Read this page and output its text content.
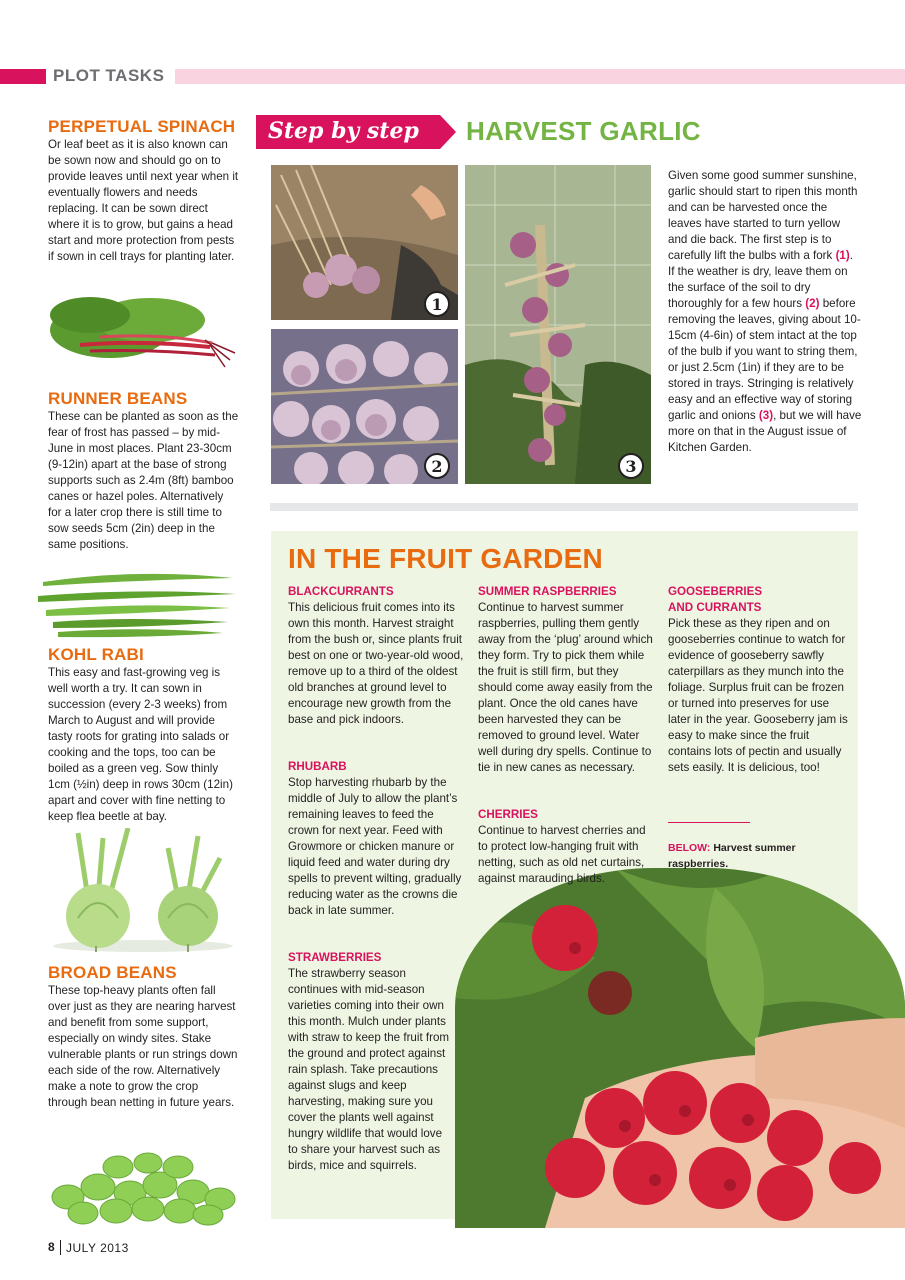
PLOT TASKS
PERPETUAL SPINACH
Or leaf beet as it is also known can be sown now and should go on to provide leaves until next year when it eventually flowers and needs replacing. It can be sown direct where it is to grow, but gains a head start and more protection from pests if sown in cell trays for planting later.
RUNNER BEANS
These can be planted as soon as the fear of frost has passed – by mid-June in most places. Plant 23-30cm (9-12in) apart at the base of strong supports such as 2.4m (8ft) bamboo canes or hazel poles. Alternatively for a later crop there is still time to sow seeds 5cm (2in) deep in the same positions.
KOHL RABI
This easy and fast-growing veg is well worth a try. It can sown in succession (every 2-3 weeks) from March to August and will provide tasty roots for grating into salads or cooking and the tops, too can be boiled as a green veg. Sow thinly 1cm (½in) deep in rows 30cm (12in) apart and cover with fine netting to keep flea beetle at bay.
BROAD BEANS
These top-heavy plants often fall over just as they are nearing harvest and benefit from some support, especially on windy sites. Stake vulnerable plants or run strings down each side of the row. Alternatively make a note to grow the crop through bean netting in future years.
Step by step HARVEST GARLIC
1
2	3
Given some good summer sunshine, garlic should start to ripen this month and can be harvested once the leaves have started to turn yellow and die back. The first step is to carefully lift the bulbs with a fork (1). If the weather is dry, leave them on the surface of the soil to dry thoroughly for a few hours (2) before removing the leaves, giving about 10-15cm (4-6in) of stem intact at the top of the bulb if you want to string them, or just 2.5cm (1in) if they are to be stored in trays. Stringing is relatively easy and an effective way of storing garlic and onions (3), but we will have more on that in the August issue of Kitchen Garden.
IN THE FRUIT GARDEN
BLACKCURRANTS
This delicious fruit comes into its own this month. Harvest straight from the bush or, since plants fruit best on one or two-year-old wood, remove up to a third of the oldest old branches at ground level to encourage new growth from the base and pick indoors.
RHUBARB
Stop harvesting rhubarb by the middle of July to allow the plant’s remaining leaves to feed the crown for next year. Feed with Growmore or chicken manure or liquid feed and water during dry spells to prevent wilting, gradually reducing water as the crowns die back in late summer.
STRAWBERRIES
The strawberry season continues with mid-season varieties coming into their own this month. Mulch under plants with straw to keep the fruit from the ground and protect against rain splash. Take precautions against slugs and keep harvesting, making sure you cover the plants well against hungry wildlife that would love to share your harvest such as birds, mice and squirrels.
SUMMER RASPBERRIES
Continue to harvest summer raspberries, pulling them gently away from the ‘plug’ around which they form. Try to pick them while the fruit is still firm, but they should come away easily from the plant. Once the old canes have been harvested they can be removed to ground level. Water well during dry spells. Continue to tie in new canes as necessary.
CHERRIES
Continue to harvest cherries and to protect low-hanging fruit with netting, such as old net curtains, against marauding birds.
GOOSEBERRIES
AND CURRANTS
Pick these as they ripen and on gooseberries continue to watch for evidence of gooseberry sawfly caterpillars as they munch into the foliage. Surplus fruit can be frozen or turned into preserves for use later in the year. Gooseberry jam is easy to make since the fruit contains lots of pectin and usually sets easily. It is delicious, too!
BELOW: Harvest summer raspberries.
8 JULY 2013
